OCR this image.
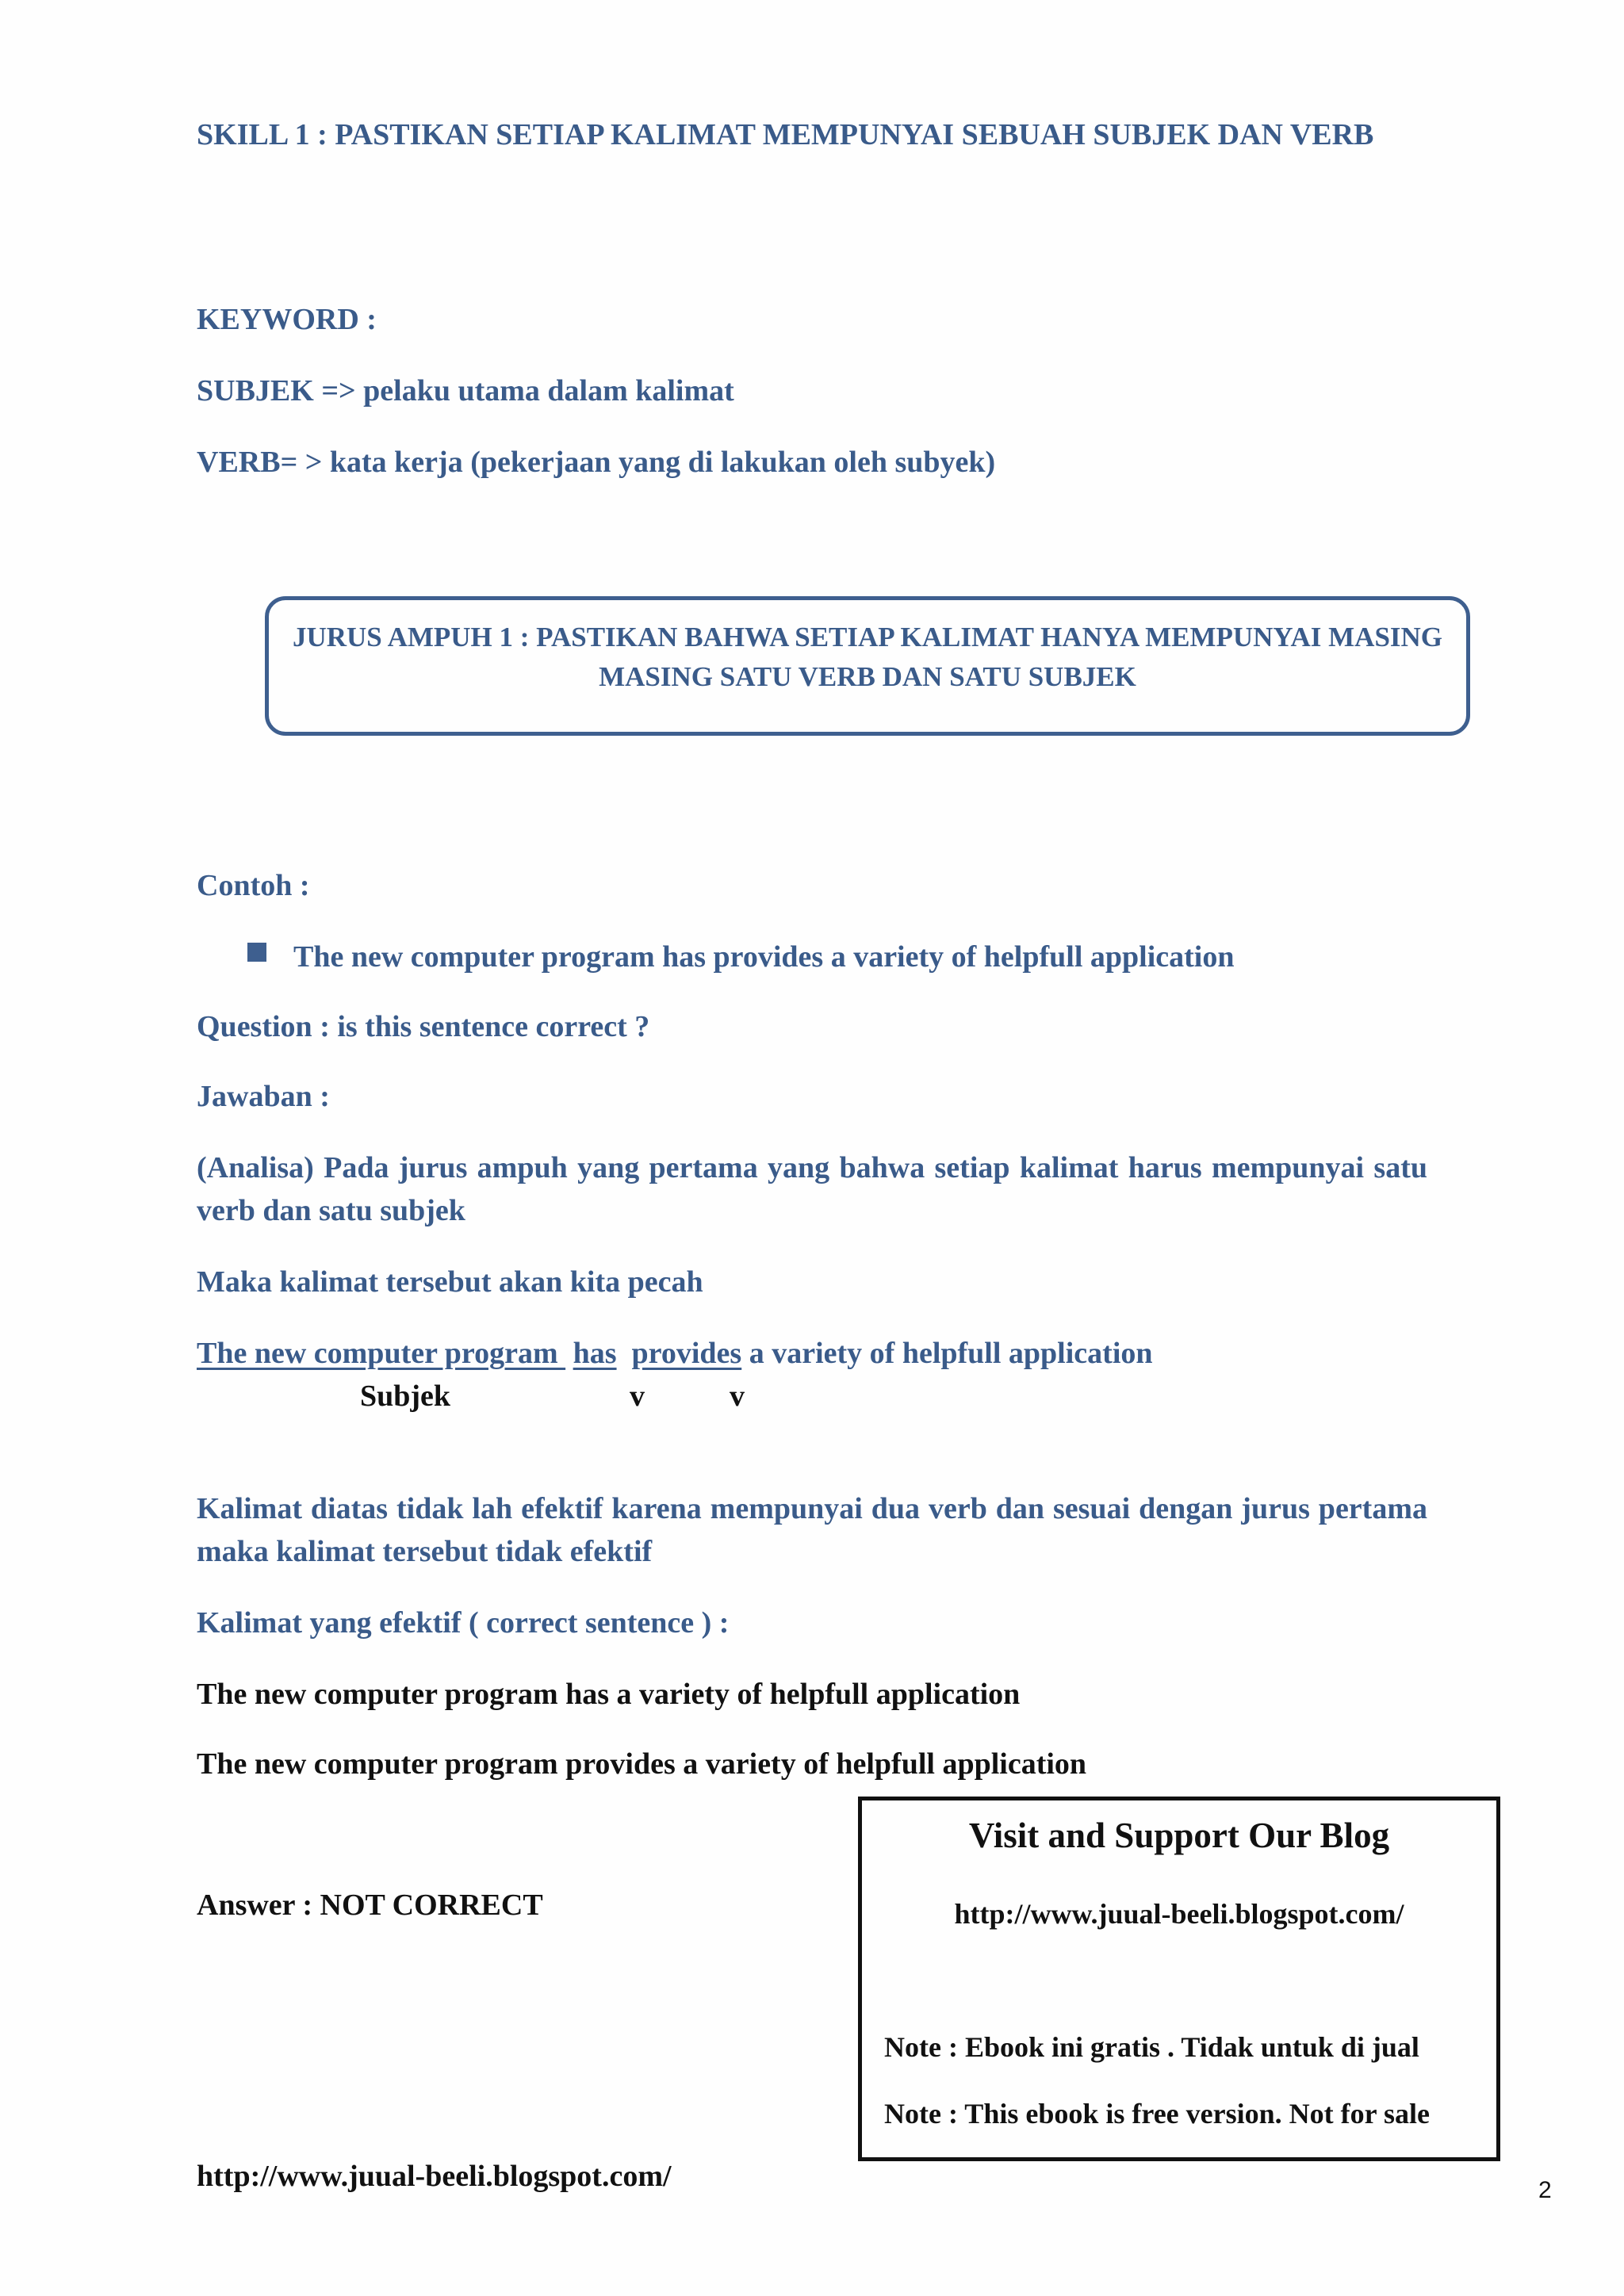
SKILL 1 : PASTIKAN SETIAP KALIMAT MEMPUNYAI SEBUAH SUBJEK DAN VERB
KEYWORD :
SUBJEK => pelaku utama dalam kalimat
VERB= > kata kerja (pekerjaan yang di lakukan oleh subyek)
JURUS AMPUH 1 : PASTIKAN BAHWA SETIAP KALIMAT HANYA MEMPUNYAI MASING MASING SATU VERB DAN SATU SUBJEK
Contoh :
The new computer program has provides a variety of helpfull application
Question : is this sentence correct ?
Jawaban :
(Analisa) Pada jurus ampuh yang pertama yang bahwa setiap kalimat harus mempunyai satu verb dan satu subjek
Maka kalimat tersebut akan kita pecah
The new computer program  has provides a variety of helpfull application
Subjek	v	v
Kalimat diatas tidak lah efektif karena mempunyai dua verb dan sesuai dengan jurus pertama maka kalimat tersebut tidak efektif
Kalimat yang efektif ( correct sentence ) :
The new computer program has a variety of helpfull application
The new computer program provides a variety of helpfull application
Answer : NOT CORRECT
Visit and Support Our Blog
http://www.juual-beeli.blogspot.com/
Note : Ebook ini gratis . Tidak untuk di jual
Note : This ebook is free version. Not for sale
http://www.juual-beeli.blogspot.com/	2
